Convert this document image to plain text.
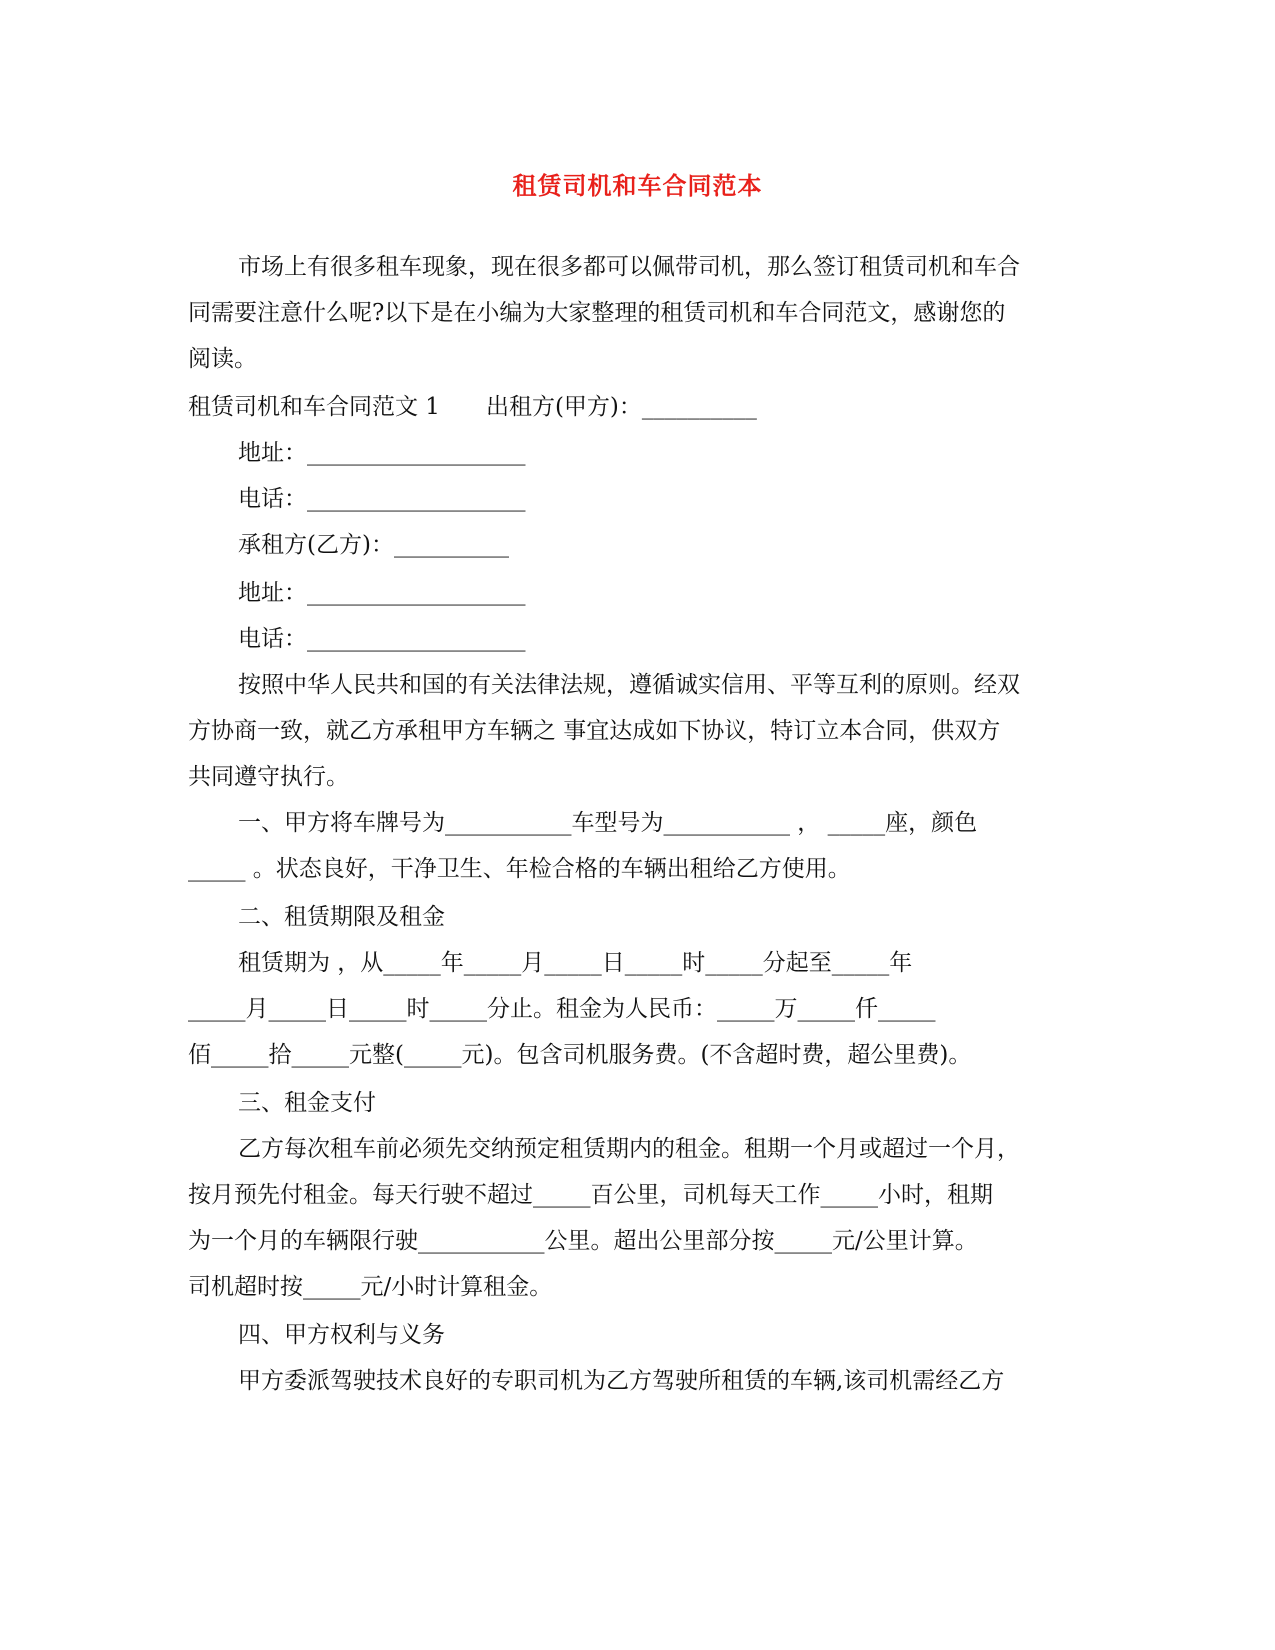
租赁司机和车合同范本
市场上有很多租车现象，现在很多都可以佩带司机，那么签订租赁司机和车合
同需要注意什么呢?以下是在小编为大家整理的租赁司机和车合同范文，感谢您的
阅读。
租赁司机和车合同范文 1　　出租方(甲方)：__________
地址：___________________
电话：___________________
承租方(乙方)：__________
地址：___________________
电话：___________________
按照中华人民共和国的有关法律法规，遵循诚实信用、平等互利的原则。经双
方协商一致，就乙方承租甲方车辆之 事宜达成如下协议，特订立本合同，供双方
共同遵守执行。
一、甲方将车牌号为___________车型号为___________ ， _____座，颜色
_____ 。状态良好，干净卫生、年检合格的车辆出租给乙方使用。
二、租赁期限及租金
租赁期为 ，从_____年_____月_____日_____时_____分起至_____年
_____月_____日_____时_____分止。租金为人民币：_____万_____仟_____
佰_____拾_____元整(_____元)。包含司机服务费。(不含超时费，超公里费)。
三、租金支付
乙方每次租车前必须先交纳预定租赁期内的租金。租期一个月或超过一个月，
按月预先付租金。每天行驶不超过_____百公里，司机每天工作_____小时，租期
为一个月的车辆限行驶___________公里。超出公里部分按_____元/公里计算。
司机超时按_____元/小时计算租金。
四、甲方权利与义务
甲方委派驾驶技术良好的专职司机为乙方驾驶所租赁的车辆,该司机需经乙方
